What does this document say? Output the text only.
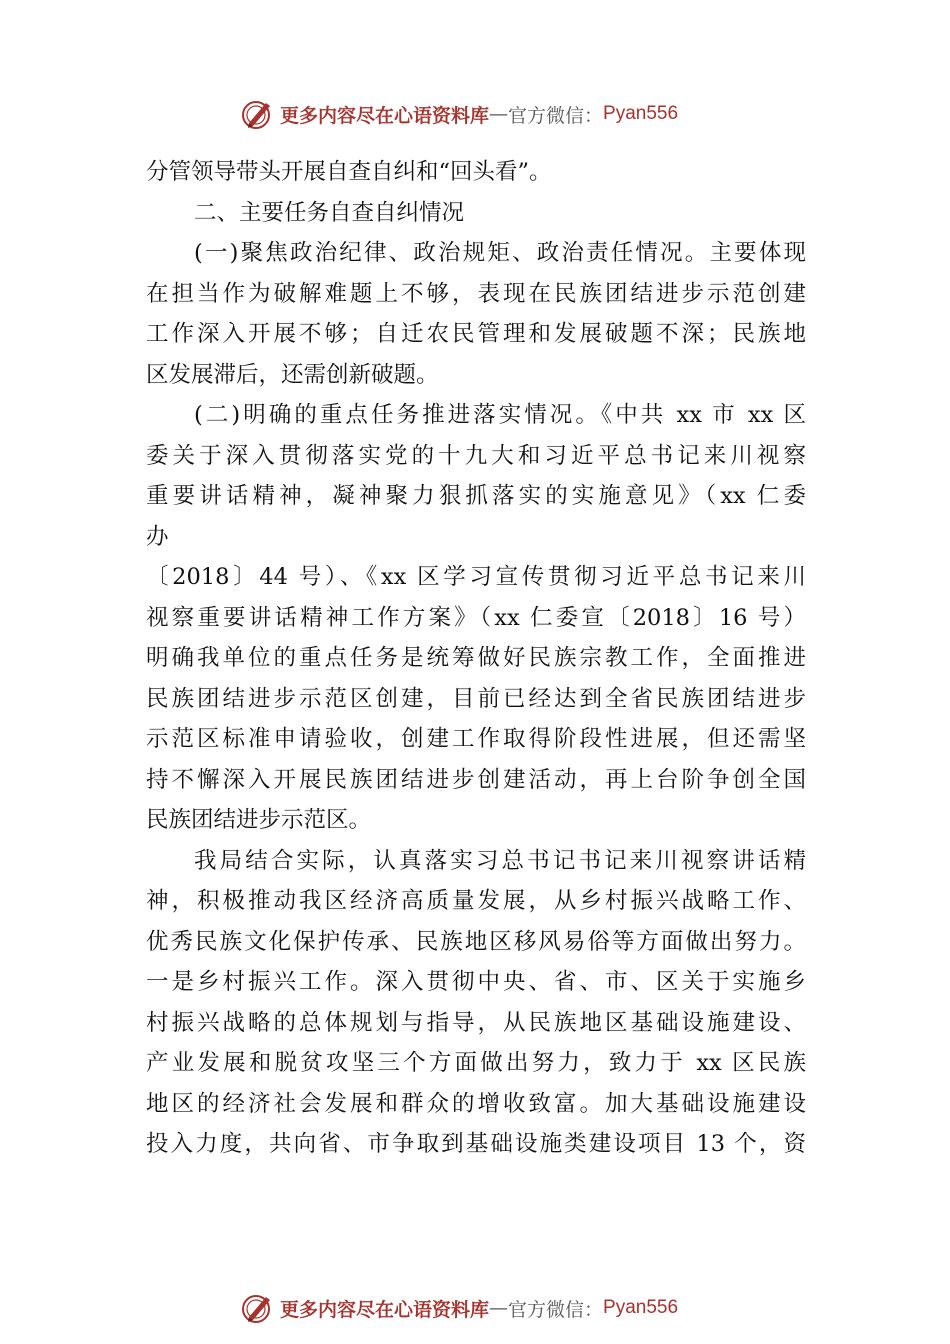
更多内容尽在心语资料库 — 官方微信： Pyan556
分管领导带头开展自查自纠和“回头看”。
二、主要任务自查自纠情况
(一)聚焦政治纪律、政治规矩、政治责任情况。主要体现
在担当作为破解难题上不够，表现在民族团结进步示范创建
工作深入开展不够；自迁农民管理和发展破题不深；民族地
区发展滞后，还需创新破题。
(二)明确的重点任务推进落实情况。《中共 xx 市 xx 区
委关于深入贯彻落实党的十九大和习近平总书记来川视察
重要讲话精神，凝神聚力狠抓落实的实施意见》（xx 仁委
办
〔2018〕44 号）、《xx 区学习宣传贯彻习近平总书记来川
视察重要讲话精神工作方案》（xx 仁委宣〔2018〕16 号）
明确我单位的重点任务是统筹做好民族宗教工作，全面推进
民族团结进步示范区创建，目前已经达到全省民族团结进步
示范区标准申请验收，创建工作取得阶段性进展，但还需坚
持不懈深入开展民族团结进步创建活动，再上台阶争创全国
民族团结进步示范区。
我局结合实际，认真落实习总书记书记来川视察讲话精
神，积极推动我区经济高质量发展，从乡村振兴战略工作、
优秀民族文化保护传承、民族地区移风易俗等方面做出努力。
一是乡村振兴工作。深入贯彻中央、省、市、区关于实施乡
村振兴战略的总体规划与指导，从民族地区基础设施建设、
产业发展和脱贫攻坚三个方面做出努力，致力于 xx 区民族
地区的经济社会发展和群众的增收致富。加大基础设施建设
投入力度，共向省、市争取到基础设施类建设项目 13 个，资
更多内容尽在心语资料库 — 官方微信： Pyan556
